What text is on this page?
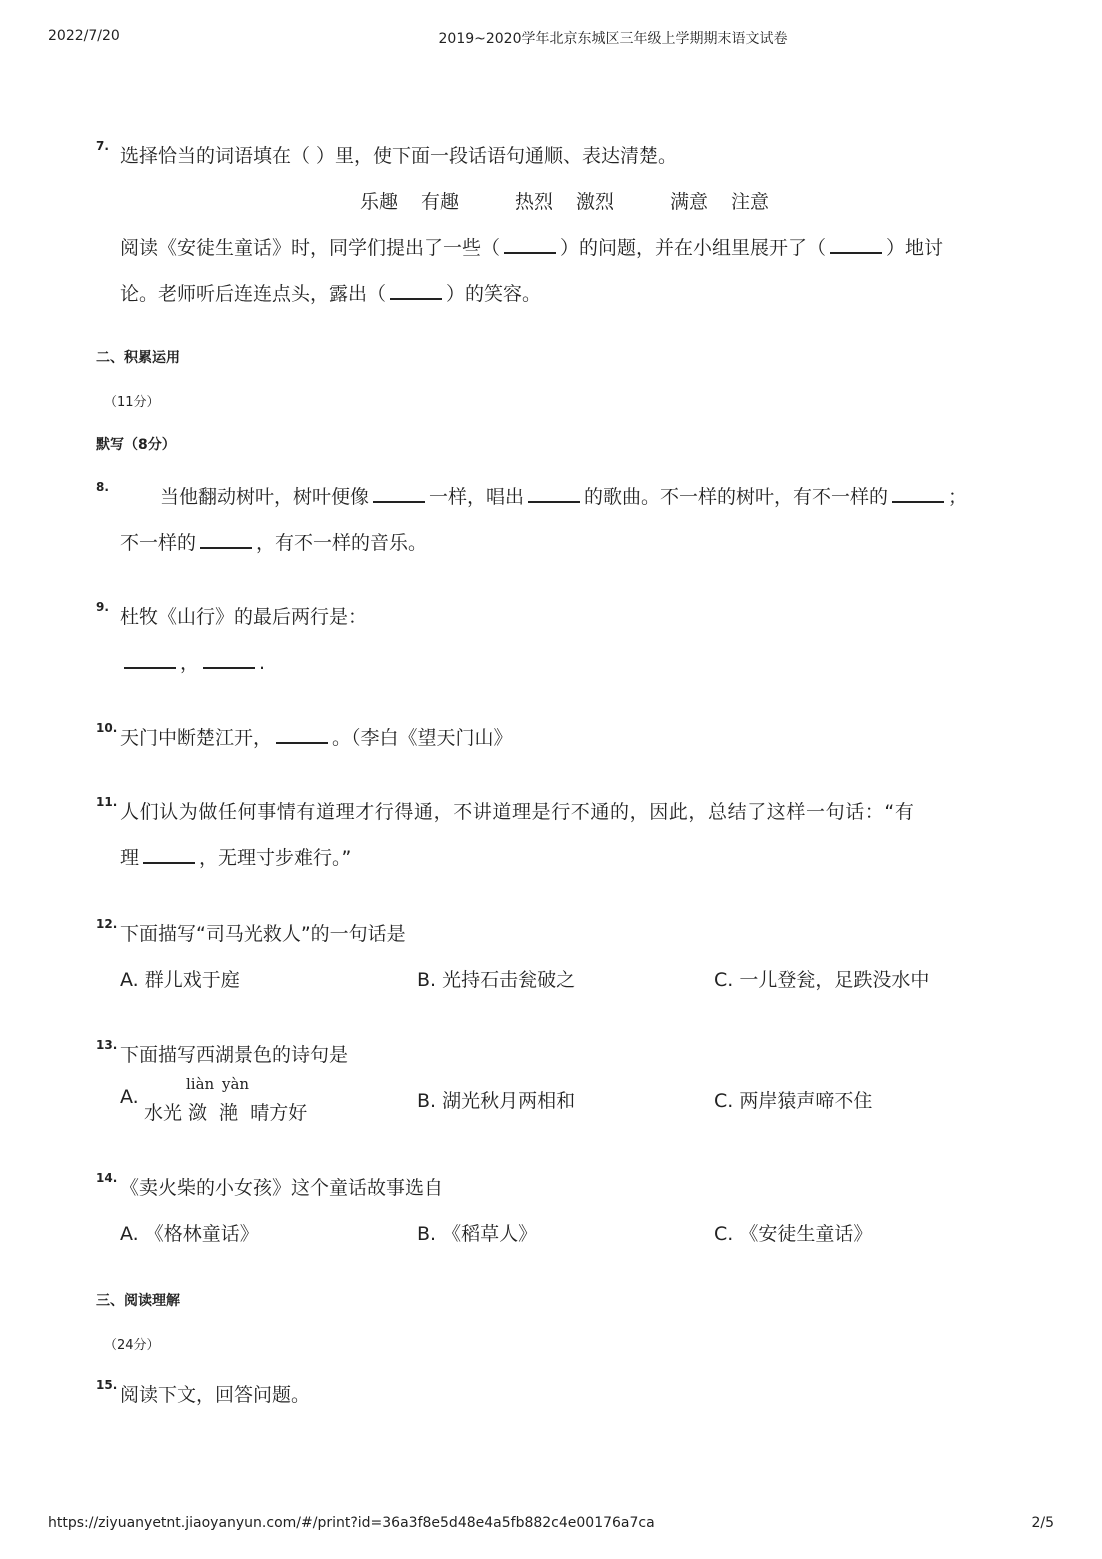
2022/7/20	2019~2020学年北京东城区三年级上学期期末语文试卷
7. 选择恰当的词语填在（ ）里，使下面一段话语句通顺、表达清楚。
乐趣 有趣	热烈 激烈	满意 注意
阅读《安徒生童话》时，同学们提出了一些（	）的问题，并在小组里展开了（	）地讨
论。老师听后连连点头，露出（	）的笑容。
二、积累运用
（11分）
默写（8分）
8.	当他翻动树叶，树叶便像	一样，唱出	的歌曲。不一样的树叶，有不一样的	；
不一样的	，有不一样的音乐。
9. 杜牧《山行》的最后两行是：
，	.
10. 天门中断楚江开，	。（李白《望天门山》
11. 人们认为做任何事情有道理才行得通，不讲道理是行不通的，因此，总结了这样一句话：“有
理	，无理寸步难行。”
12. 下面描写“司马光救人”的一句话是
A. 群儿戏于庭	B. 光持石击瓮破之	C. 一儿登瓮，足跌没水中
13. 下面描写西湖景色的诗句是
A.
liàn yàn
水光 潋  滟  晴方好
B. 湖光秋月两相和	C. 两岸猿声啼不住
14. 《卖火柴的小女孩》这个童话故事选自
A. 《格林童话》	B. 《稻草人》	C. 《安徒生童话》
三、阅读理解
（24分）
15. 阅读下文，回答问题。
https://ziyuanyetnt.jiaoyanyun.com/#/print?id=36a3f8e5d48e4a5fb882c4e00176a7ca	2/5
